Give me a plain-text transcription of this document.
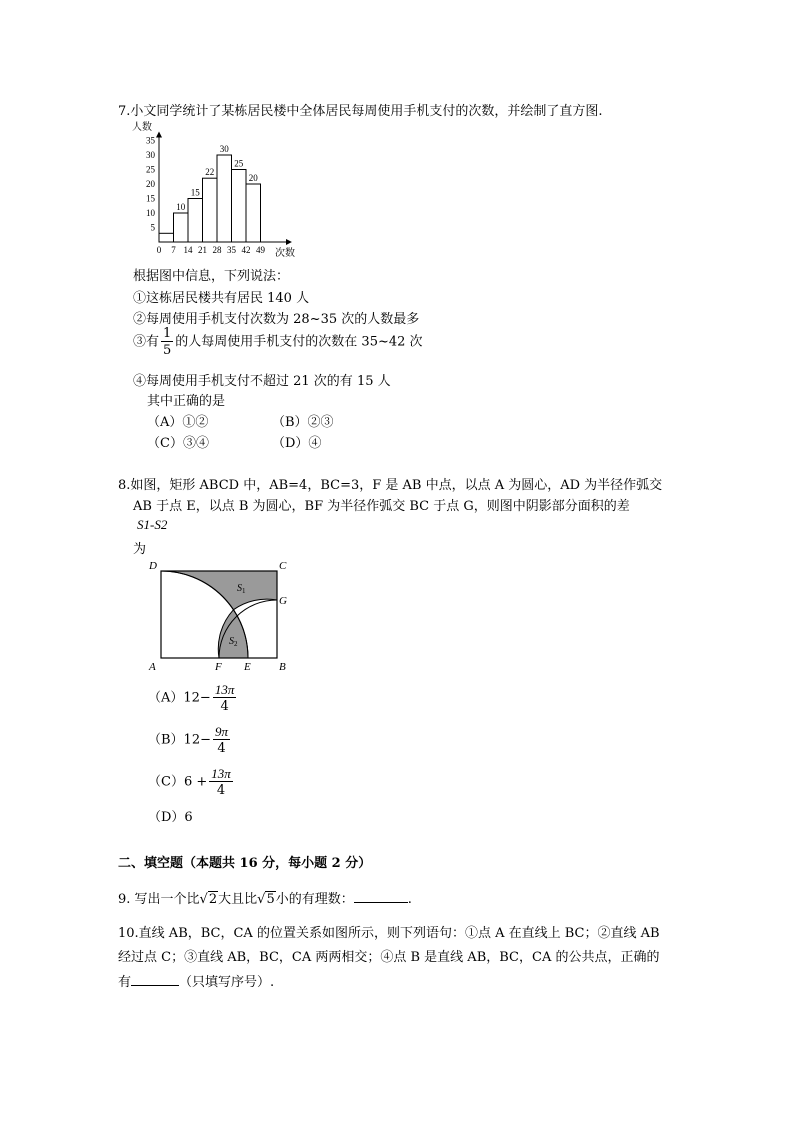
7.小文同学统计了某栋居民楼中全体居民每周使用手机支付的次数，并绘制了直方图.
人数
次数
5
10
15
20
25
30
35
0 7 14 21 28 35 42 49
10
15
22
30
25
20
根据图中信息，下列说法：
①这栋居民楼共有居民 140 人
②每周使用手机支付次数为 28~35 次的人数最多
③有 $\frac{1}{5}$ 的人每周使用手机支付的次数在 35~42 次
④每周使用手机支付不超过 21 次的有 15 人
其中正确的是
（A）①②	（B）②③
（C）③④	（D）④
8.如图，矩形 ABCD 中，AB=4，BC=3，F 是 AB 中点，以点 A 为圆心，AD 为半径作弧交
AB 于点 E，以点 B 为圆心，BF 为半径作弧交 BC 于点 G，则图中阴影部分面积的差
S1-S2
为
D	C
G
A	F E	B
$S_1$
$S_2$
$(A)12- \frac{13\pi}{4}$
$(B)12- \frac{9\pi}{4}$
$(C)6 + \frac{13\pi}{4}$
（D）6
二、填空题（本题共 16 分，每小题 2 分）
9. 写出一个比√2大且比√5小的有理数：	.
10.直线 AB，BC，CA 的位置关系如图所示，则下列语句：①点 A 在直线上 BC；②直线 AB
经过点 C；③直线 AB，BC，CA 两两相交；④点 B 是直线 AB，BC，CA 的公共点，正确的
有	（只填写序号）.
